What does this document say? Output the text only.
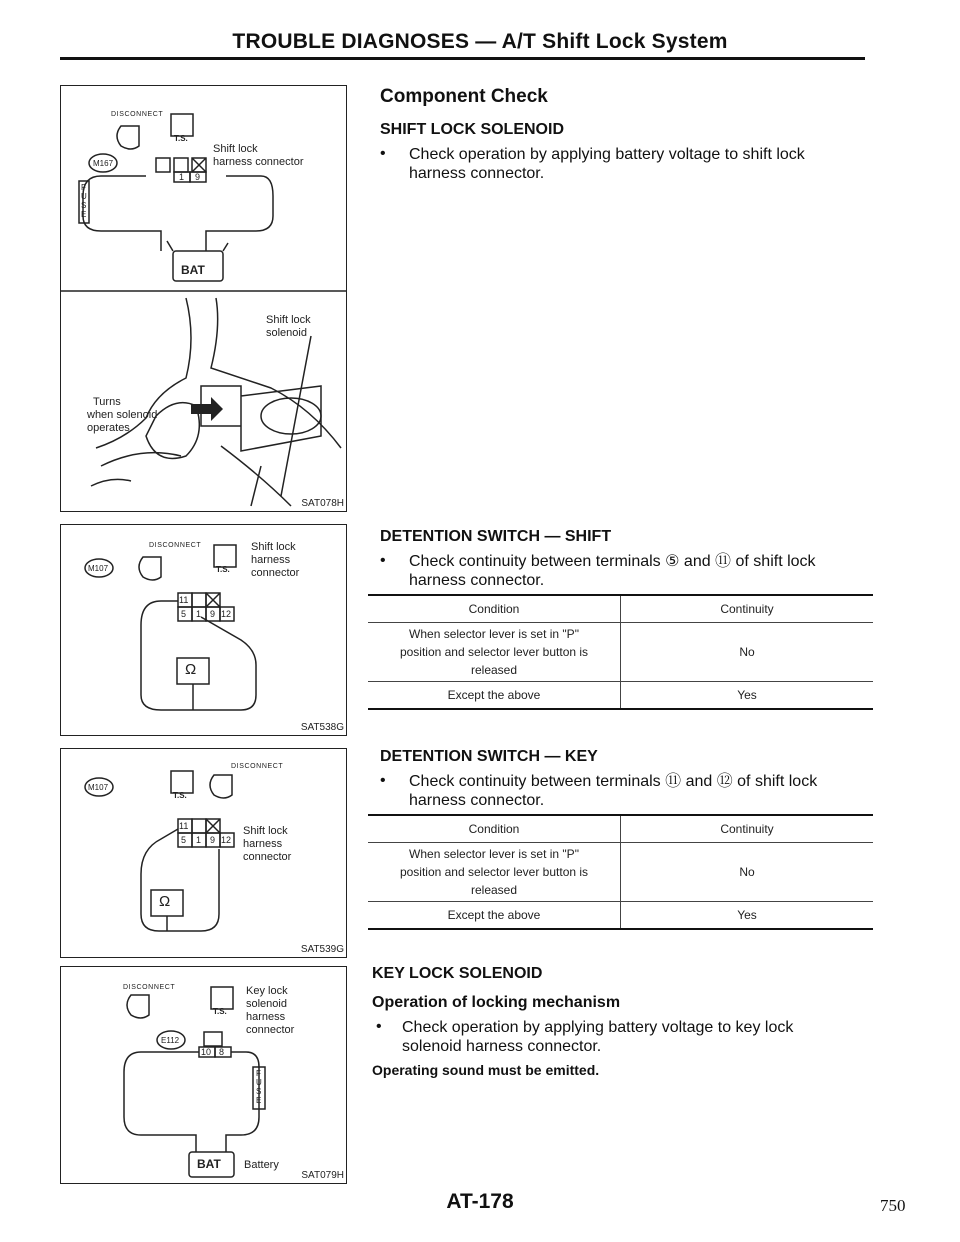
TROUBLE DIAGNOSES — A/T Shift Lock System
DISCONNECT
T.S.
M167
Shift lock
harness connector
1 9
FUSE
BAT
Shift lock
solenoid
Turns
when solenoid
operates
SAT078H
DISCONNECT
T.S.
M107
Shift lock
harness
connector
11
5 1 9 12
Ω
SAT538G
DISCONNECT
T.S.
M107
Shift lock
harness
connector
11
5 1 9 12
Ω
SAT539G
DISCONNECT
T.S.
E112
Key lock
solenoid
harness
connector
10 8
FUSE
BAT Battery
SAT079H
Component Check
SHIFT LOCK SOLENOID
• Check operation by applying battery voltage to shift lock
harness connector.
DETENTION SWITCH — SHIFT
• Check continuity between terminals ⑤ and ⑪ of shift lock
harness connector.
Condition	Continuity

When selector lever is set in "P"
position and selector lever button is
released	No
Except the above	Yes
DETENTION SWITCH — KEY
• Check continuity between terminals ⑪ and ⑫ of shift lock
harness connector.
Condition	Continuity

When selector lever is set in "P"
position and selector lever button is
released	No
Except the above	Yes
KEY LOCK SOLENOID
Operation of locking mechanism
• Check operation by applying battery voltage to key lock
solenoid harness connector.
Operating sound must be emitted.
AT-178	750
